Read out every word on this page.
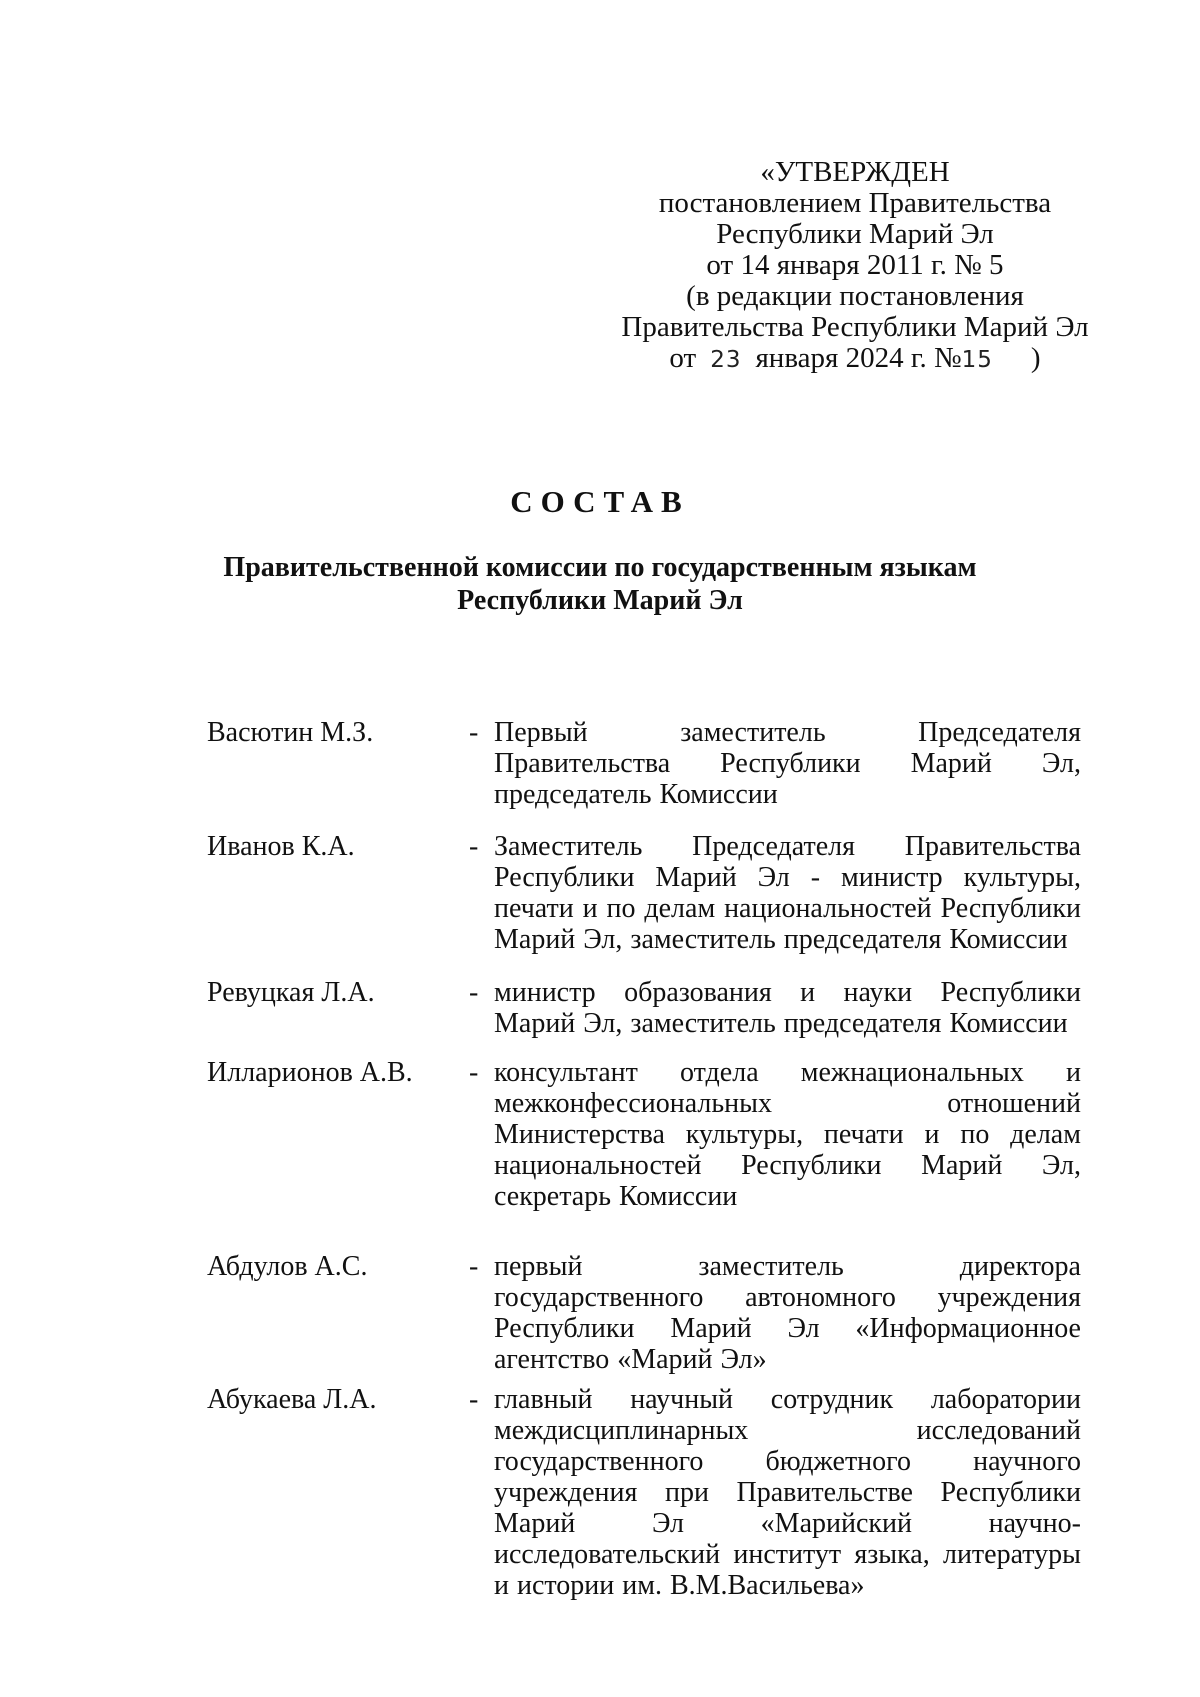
«УТВЕРЖДЕН
постановлением Правительства
Республики Марий Эл
от 14 января 2011 г. № 5
(в редакции постановления
Правительства Республики Марий Эл
от 23 января 2024 г. №15 )
СОСТАВ
Правительственной комиссии по государственным языкам
Республики Марий Эл
Васютин М.З.	- Первый	заместитель	Председателя
Правительства Республики Марий Эл,
председатель Комиссии
Иванов К.А.	- Заместитель Председателя Правительства
Республики Марий Эл - министр культуры,
печати и по делам национальностей Республики
Марий Эл, заместитель председателя Комиссии
Ревуцкая Л.А.	- министр образования и науки Республики
Марий Эл, заместитель председателя Комиссии
Илларионов А.В. - консультант отдела межнациональных и
межконфессиональных	отношений
Министерства культуры, печати и по делам
национальностей Республики Марий Эл,
секретарь Комиссии
Абдулов А.С.	- первый	заместитель	директора
государственного автономного учреждения
Республики Марий Эл «Информационное
агентство «Марий Эл»
Абукаева Л.А.	- главный научный сотрудник лаборатории
междисциплинарных	исследований
государственного бюджетного научного
учреждения при Правительстве Республики
Марий	Эл	«Марийский	научно-
исследовательский институт языка, литературы
и истории им. В.М.Васильева»
